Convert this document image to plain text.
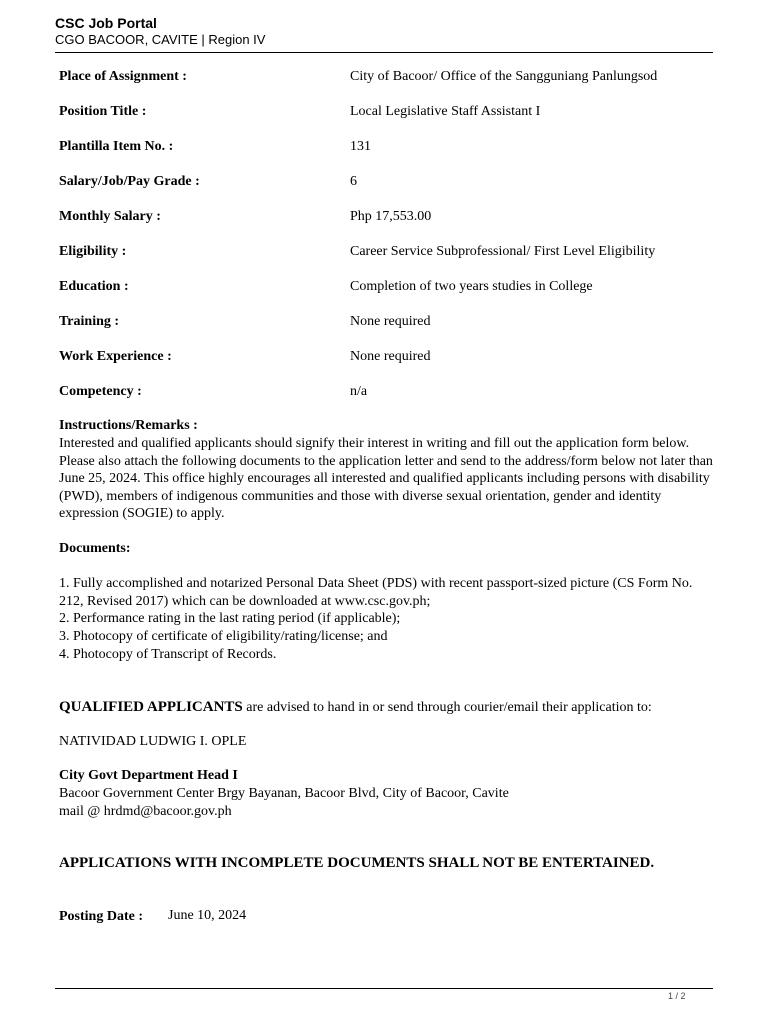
CSC Job Portal
CGO BACOOR, CAVITE | Region IV
Place of Assignment :	City of Bacoor/ Office of the Sangguniang Panlungsod
Position Title :	Local Legislative Staff Assistant I
Plantilla Item No. :	131
Salary/Job/Pay Grade :	6
Monthly Salary :	Php 17,553.00
Eligibility :	Career Service Subprofessional/ First Level Eligibility
Education :	Completion of two years studies in College
Training :	None required
Work Experience :	None required
Competency :	n/a
Instructions/Remarks :
Interested and qualified applicants should signify their interest in writing and fill out the application form below. Please also attach the following documents to the application letter and send to the address/form below not later than June 25, 2024. This office highly encourages all interested and qualified applicants including persons with disability (PWD), members of indigenous communities and those with diverse sexual orientation, gender and identity expression (SOGIE) to apply.
Documents:
1. Fully accomplished and notarized Personal Data Sheet (PDS) with recent passport-sized picture (CS Form No. 212, Revised 2017) which can be downloaded at www.csc.gov.ph;
2. Performance rating in the last rating period (if applicable);
3. Photocopy of certificate of eligibility/rating/license; and
4. Photocopy of Transcript of Records.
QUALIFIED APPLICANTS are advised to hand in or send through courier/email their application to:
NATIVIDAD LUDWIG I. OPLE
City Govt Department Head I
Bacoor Government Center Brgy Bayanan, Bacoor Blvd, City of Bacoor, Cavite
mail @ hrdmd@bacoor.gov.ph
APPLICATIONS WITH INCOMPLETE DOCUMENTS SHALL NOT BE ENTERTAINED.
Posting Date : June 10, 2024
1 / 2
